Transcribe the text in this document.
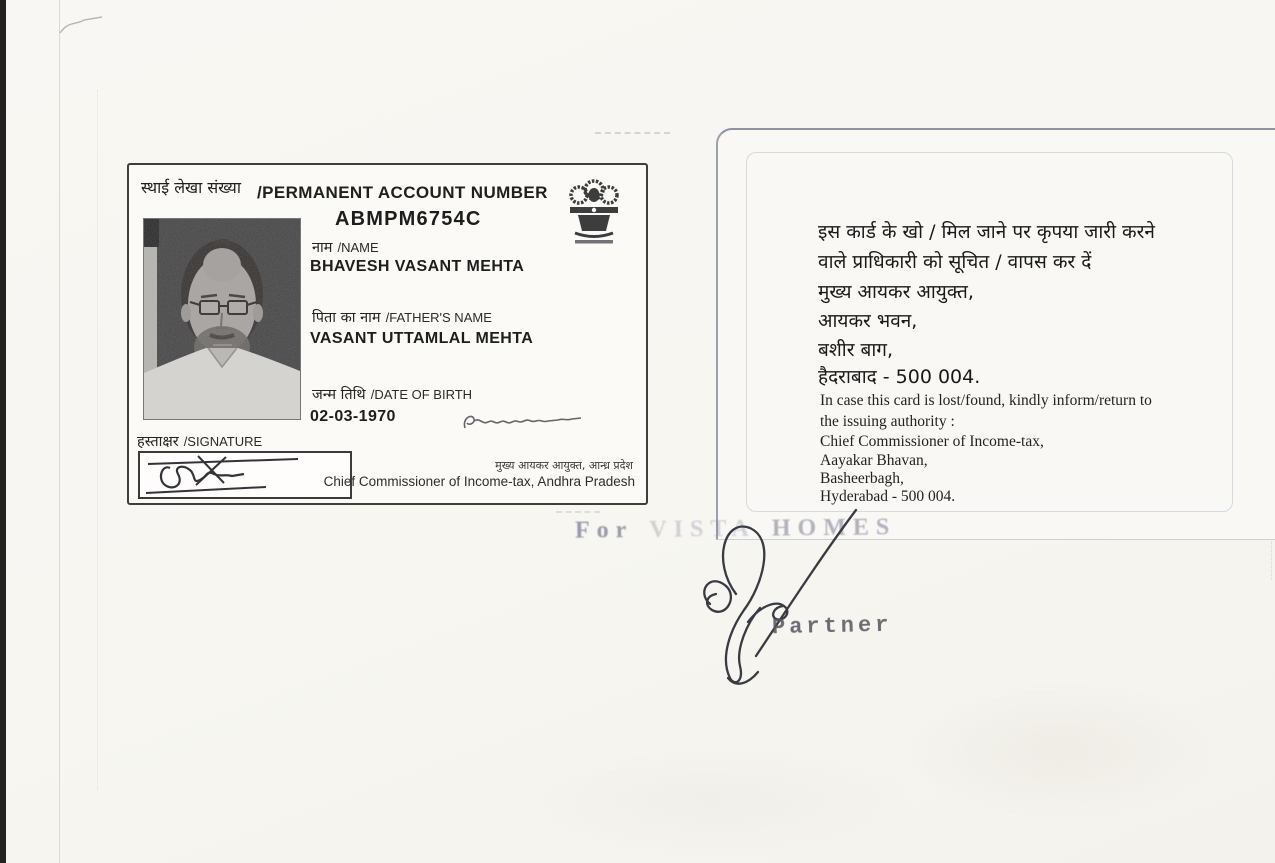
स्थाई लेखा संख्या /PERMANENT ACCOUNT NUMBER
ABMPM6754C
नाम /NAME
BHAVESH VASANT MEHTA
पिता का नाम /FATHER'S NAME
VASANT UTTAMLAL MEHTA
जन्म तिथि /DATE OF BIRTH
02-03-1970
हस्ताक्षर /SIGNATURE
मुख्य आयकर आयुक्त, आन्ध्र प्रदेश
Chief Commissioner of Income-tax, Andhra Pradesh
इस कार्ड के खो / मिल जाने पर कृपया जारी करने
वाले प्राधिकारी को सूचित / वापस कर दें
मुख्य आयकर आयुक्त,
आयकर भवन,
बशीर बाग,
हैदराबाद - 500 004.
In case this card is lost/found, kindly inform/return to
the issuing authority :
Chief Commissioner of Income-tax,
Aayakar Bhavan,
Basheerbagh,
Hyderabad - 500 004.
For VISTA HOMES
Partner
